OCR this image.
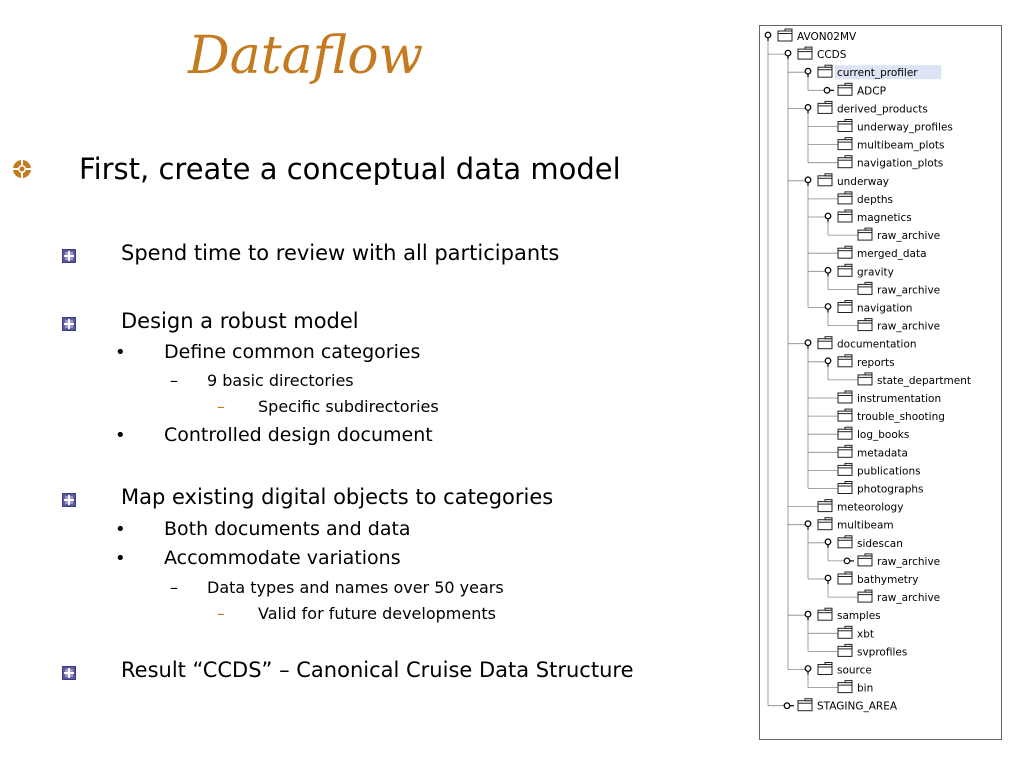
Dataflow
First, create a conceptual data model
Spend time to review with all participants
Design a robust model
• Define common categories
– 9 basic directories
– Specific subdirectories
• Controlled design document
Map existing digital objects to categories
• Both documents and data
• Accommodate variations
– Data types and names over 50 years
– Valid for future developments
Result “CCDS” – Canonical Cruise Data Structure
AVON02MV
CCDS
current_profiler
ADCP
derived_products
underway_profiles
multibeam_plots
navigation_plots
underway
depths
magnetics
raw_archive
merged_data
gravity
raw_archive
navigation
raw_archive
documentation
reports
state_department
instrumentation
trouble_shooting
log_books
metadata
publications
photographs
meteorology
multibeam
sidescan
raw_archive
bathymetry
raw_archive
samples
xbt
svprofiles
source
bin
STAGING_AREA
